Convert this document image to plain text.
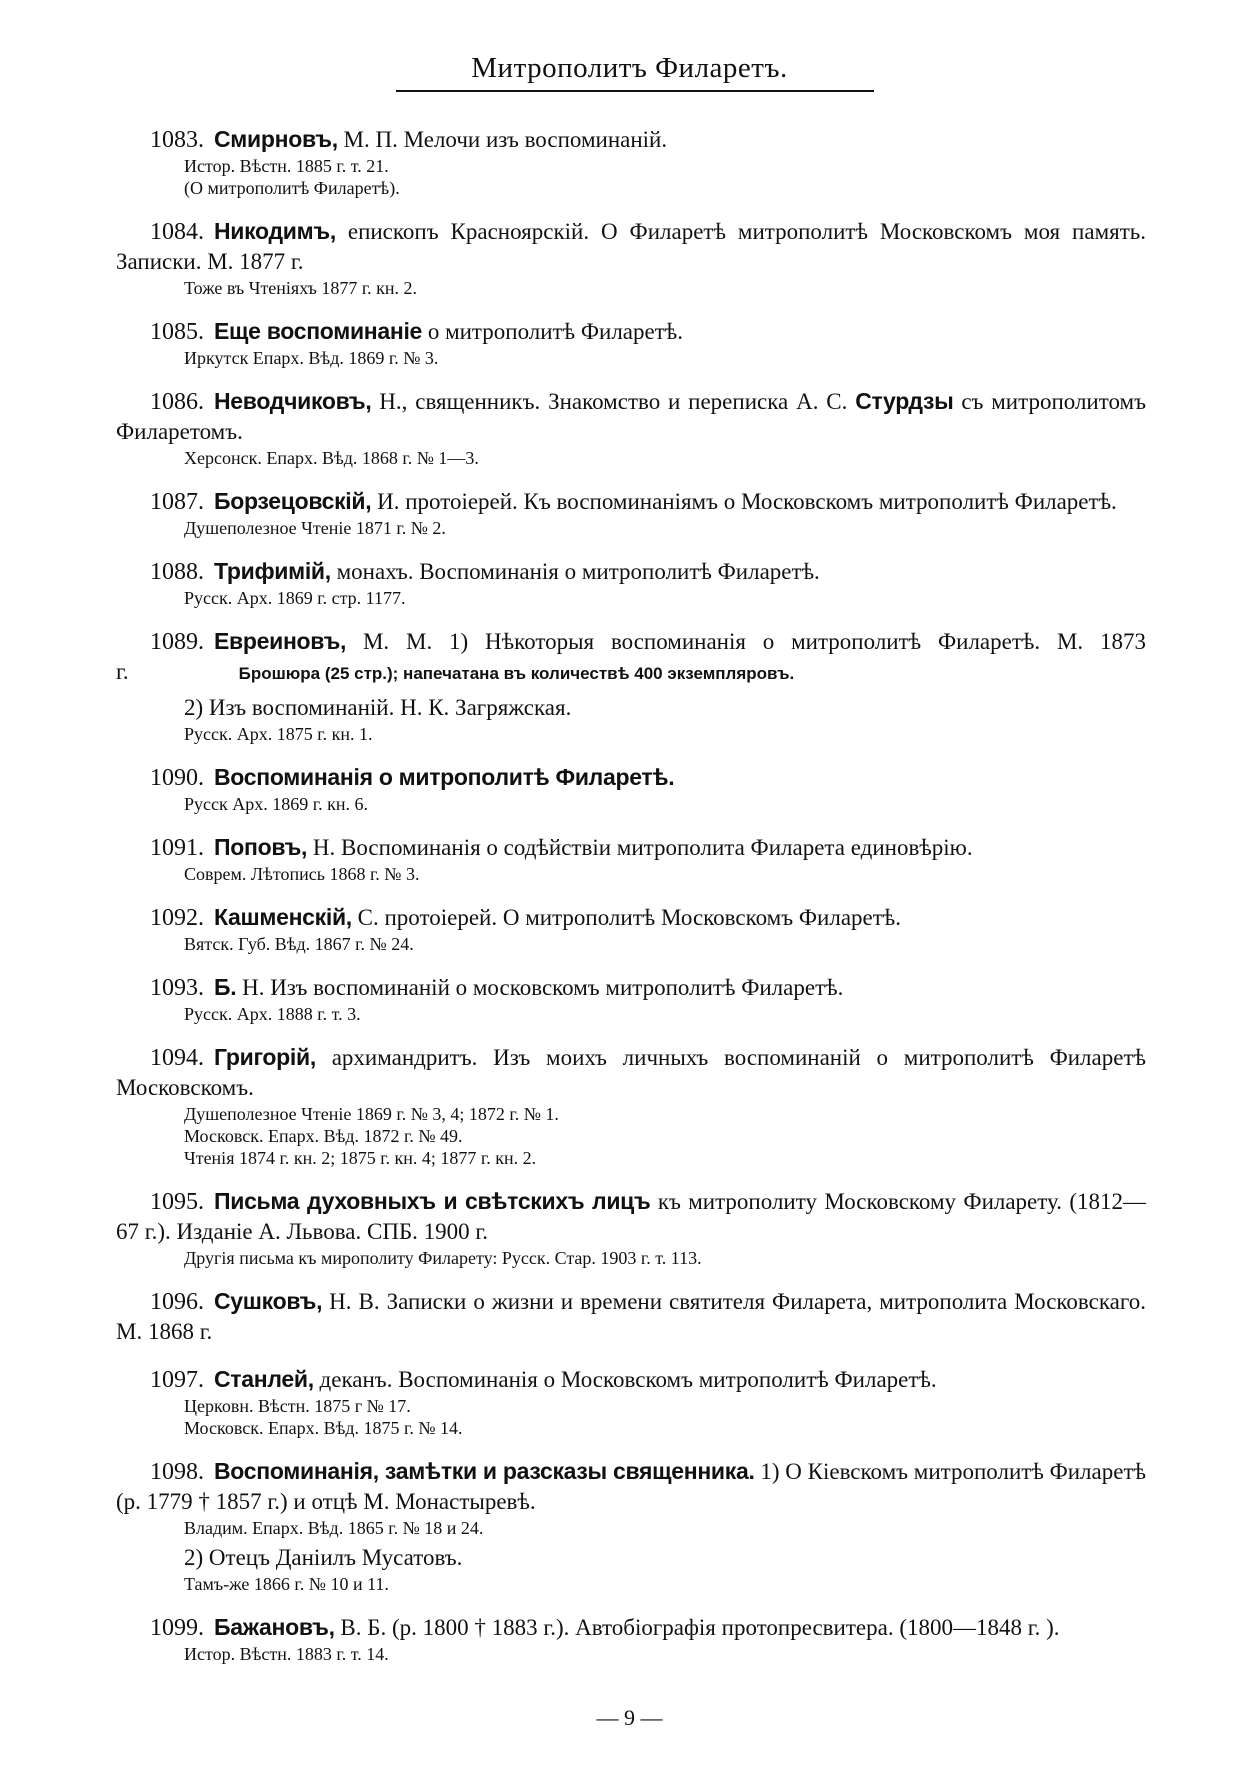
Митрополитъ Филаретъ.
1083. Смирновъ, М. П. Мелочи изъ воспоминаній.
Истор. Вѣстн. 1885 г. т. 21.
(О митрополитѣ Филаретѣ).
1084. Никодимъ, епископъ Красноярскій. О Филаретѣ митрополитѣ Московскомъ моя память. Записки. М. 1877 г.
Тоже въ Чтеніяхъ 1877 г. кн. 2.
1085. Еще воспоминаніе о митрополитѣ Филаретѣ.
Иркутск Епарх. Вѣд. 1869 г. № 3.
1086. Неводчиковъ, Н., священникъ. Знакомство и переписка А. С. Стурдзы съ митрополитомъ Филаретомъ.
Херсонск. Епарх. Вѣд. 1868 г. № 1—3.
1087. Борзецовскій, И. протоіерей. Къ воспоминаніямъ о Московскомъ митрополитѣ Филаретѣ.
Душеполезное Чтеніе 1871 г. № 2.
1088. Трифимій, монахъ. Воспоминанія о митрополитѣ Филаретѣ.
Русск. Арх. 1869 г. стр. 1177.
1089. Евреиновъ, М. М. 1) Нѣкоторыя воспоминанія о митрополитѣ Филаретѣ. М. 1873 г.	Брошюра (25 стр.); напечатана въ количествѣ 400 экземпляровъ.
2) Изъ воспоминаній. Н. К. Загряжская.
Русск. Арх. 1875 г. кн. 1.
1090. Воспоминанія о митрополитѣ Филаретѣ.
Русск Арх. 1869 г. кн. 6.
1091. Поповъ, Н. Воспоминанія о содѣйствіи митрополита Филарета единовѣрію.
Соврем. Лѣтопись 1868 г. № 3.
1092. Кашменскій, С. протоіерей. О митрополитѣ Московскомъ Филаретѣ.
Вятск. Губ. Вѣд. 1867 г. № 24.
1093. Б. Н. Изъ воспоминаній о московскомъ митрополитѣ Филаретѣ.
Русск. Арх. 1888 г. т. 3.
1094. Григорій, архимандритъ. Изъ моихъ личныхъ воспоминаній о митрополитѣ Филаретѣ Московскомъ.
Душеполезное Чтеніе 1869 г. № 3, 4; 1872 г. № 1.
Московск. Епарх. Вѣд. 1872 г. № 49.
Чтенія 1874 г. кн. 2; 1875 г. кн. 4; 1877 г. кн. 2.
1095. Письма духовныхъ и свѣтскихъ лицъ къ митрополиту Московскому Филарету. (1812—67 г.). Изданіе А. Львова. СПБ. 1900 г.
Другія письма къ мирополиту Филарету: Русск. Стар. 1903 г. т. 113.
1096. Сушковъ, Н. В. Записки о жизни и времени святителя Филарета, митрополита Московскаго. М. 1868 г.
1097. Станлей, деканъ. Воспоминанія о Московскомъ митрополитѣ Филаретѣ.
Церковн. Вѣстн. 1875 г № 17.
Московск. Епарх. Вѣд. 1875 г. № 14.
1098. Воспоминанія, замѣтки и разсказы священника. 1) О Кіевскомъ митрополитѣ Филаретѣ (р. 1779 † 1857 г.) и отцѣ М. Монастыревѣ.
Владим. Епарх. Вѣд. 1865 г. № 18 и 24.
2) Отецъ Даніилъ Мусатовъ.
Тамъ-же 1866 г. № 10 и 11.
1099. Бажановъ, В. Б. (р. 1800 † 1883 г.). Автобіографія протопресвитера. (1800—1848 г. ).
Истор. Вѣстн. 1883 г. т. 14.
— 9 —
